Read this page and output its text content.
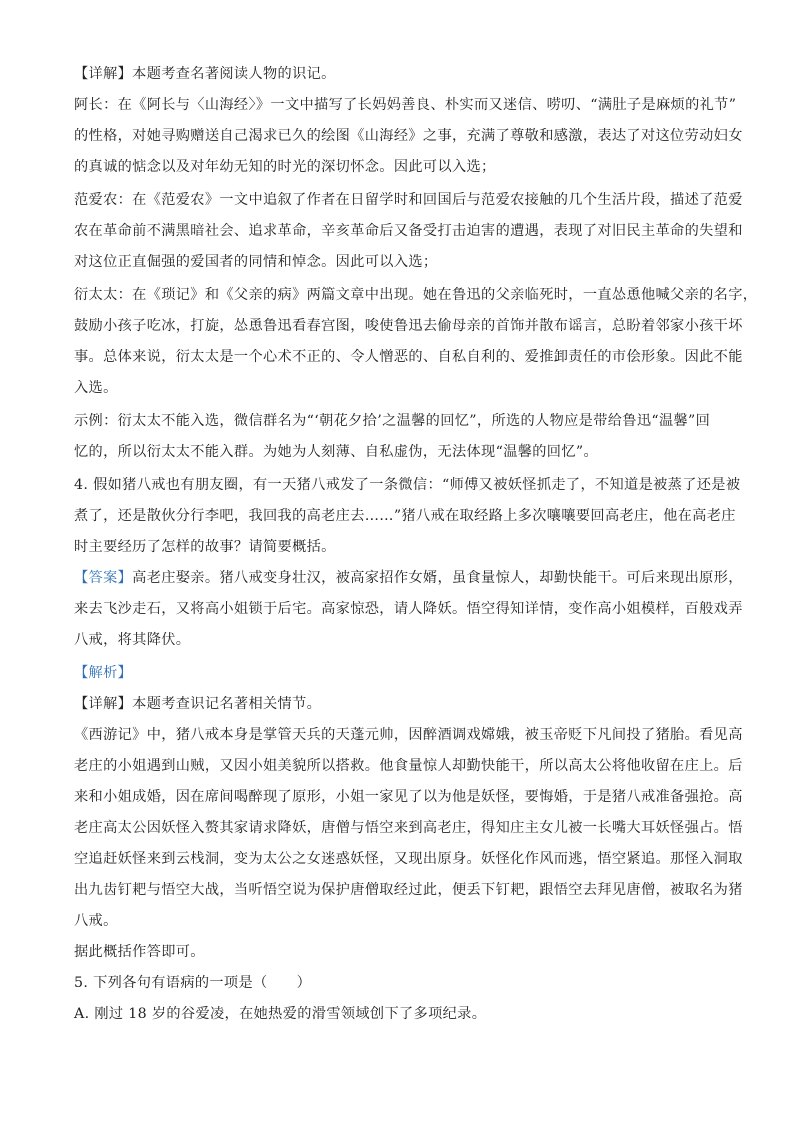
【详解】本题考查名著阅读人物的识记。
阿长：在《阿长与〈山海经〉》一文中描写了长妈妈善良、朴实而又迷信、唠叨、“满肚子是麻烦的礼节”
的性格，对她寻购赠送自己渴求已久的绘图《山海经》之事，充满了尊敬和感激，表达了对这位劳动妇女
的真诚的惦念以及对年幼无知的时光的深切怀念。因此可以入选；
范爱农：在《范爱农》一文中追叙了作者在日留学时和回国后与范爱农接触的几个生活片段，描述了范爱
农在革命前不满黑暗社会、追求革命，辛亥革命后又备受打击迫害的遭遇，表现了对旧民主革命的失望和
对这位正直倔强的爱国者的同情和悼念。因此可以入选；
衍太太：在《琐记》和《父亲的病》两篇文章中出现。她在鲁迅的父亲临死时，一直怂恿他喊父亲的名字，
鼓励小孩子吃冰，打旋，怂恿鲁迅看春宫图，唆使鲁迅去偷母亲的首饰并散布谣言，总盼着邻家小孩干坏
事。总体来说，衍太太是一个心术不正的、令人憎恶的、自私自利的、爱推卸责任的市侩形象。因此不能
入选。
示例：衍太太不能入选，微信群名为“‘朝花夕拾’之温馨的回忆”，所选的人物应是带给鲁迅“温馨”回
忆的，所以衍太太不能入群。为她为人刻薄、自私虚伪，无法体现“温馨的回忆”。
4. 假如猪八戒也有朋友圈，有一天猪八戒发了一条微信：“师傅又被妖怪抓走了，不知道是被蒸了还是被
煮了，还是散伙分行李吧，我回我的高老庄去……”猪八戒在取经路上多次嚷嚷要回高老庄，他在高老庄
时主要经历了怎样的故事？请简要概括。
【答案】高老庄娶亲。猪八戒变身壮汉，被高家招作女婿，虽食量惊人，却勤快能干。可后来现出原形，
来去飞沙走石，又将高小姐锁于后宅。高家惊恐，请人降妖。悟空得知详情，变作高小姐模样，百般戏弄
八戒，将其降伏。
【解析】
【详解】本题考查识记名著相关情节。
《西游记》中，猪八戒本身是掌管天兵的天蓬元帅，因醉酒调戏嫦娥，被玉帝贬下凡间投了猪胎。看见高
老庄的小姐遇到山贼，又因小姐美貌所以搭救。他食量惊人却勤快能干，所以高太公将他收留在庄上。后
来和小姐成婚，因在席间喝醉现了原形，小姐一家见了以为他是妖怪，要悔婚，于是猪八戒准备强抢。高
老庄高太公因妖怪入赘其家请求降妖，唐僧与悟空来到高老庄，得知庄主女儿被一长嘴大耳妖怪强占。悟
空追赶妖怪来到云栈洞，变为太公之女迷惑妖怪，又现出原身。妖怪化作风而逃，悟空紧追。那怪入洞取
出九齿钉耙与悟空大战，当听悟空说为保护唐僧取经过此，便丢下钉耙，跟悟空去拜见唐僧，被取名为猪
八戒。
据此概括作答即可。
5. 下列各句有语病的一项是（　　）
A. 刚过 18 岁的谷爱凌，在她热爱的滑雪领域创下了多项纪录。
